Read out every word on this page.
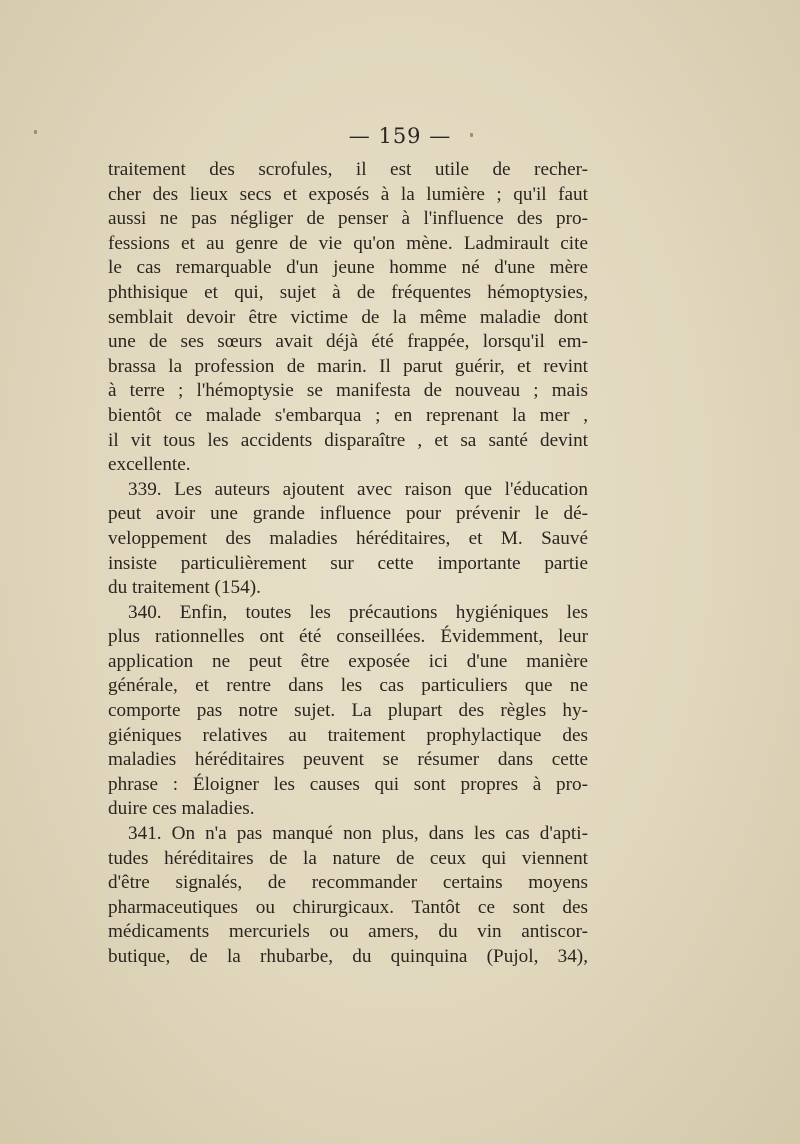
— 159 —
traitement des scrofules, il est utile de recher-
cher des lieux secs et exposés à la lumière ; qu'il faut
aussi ne pas négliger de penser à l'influence des pro-
fessions et au genre de vie qu'on mène. Ladmirault cite
le cas remarquable d'un jeune homme né d'une mère
phthisique et qui, sujet à de fréquentes hémoptysies,
semblait devoir être victime de la même maladie dont
une de ses sœurs avait déjà été frappée, lorsqu'il em-
brassa la profession de marin. Il parut guérir, et revint
à terre ; l'hémoptysie se manifesta de nouveau ; mais
bientôt ce malade s'embarqua ; en reprenant la mer ,
il vit tous les accidents disparaître , et sa santé devint
excellente.
339. Les auteurs ajoutent avec raison que l'éducation
peut avoir une grande influence pour prévenir le dé-
veloppement des maladies héréditaires, et M. Sauvé
insiste particulièrement sur cette importante partie
du traitement (154).
340. Enfin, toutes les précautions hygiéniques les
plus rationnelles ont été conseillées. Évidemment, leur
application ne peut être exposée ici d'une manière
générale, et rentre dans les cas particuliers que ne
comporte pas notre sujet. La plupart des règles hy-
giéniques relatives au traitement prophylactique des
maladies héréditaires peuvent se résumer dans cette
phrase : Éloigner les causes qui sont propres à pro-
duire ces maladies.
341. On n'a pas manqué non plus, dans les cas d'apti-
tudes héréditaires de la nature de ceux qui viennent
d'être signalés, de recommander certains moyens
pharmaceutiques ou chirurgicaux. Tantôt ce sont des
médicaments mercuriels ou amers, du vin antiscor-
butique, de la rhubarbe, du quinquina (Pujol, 34),
